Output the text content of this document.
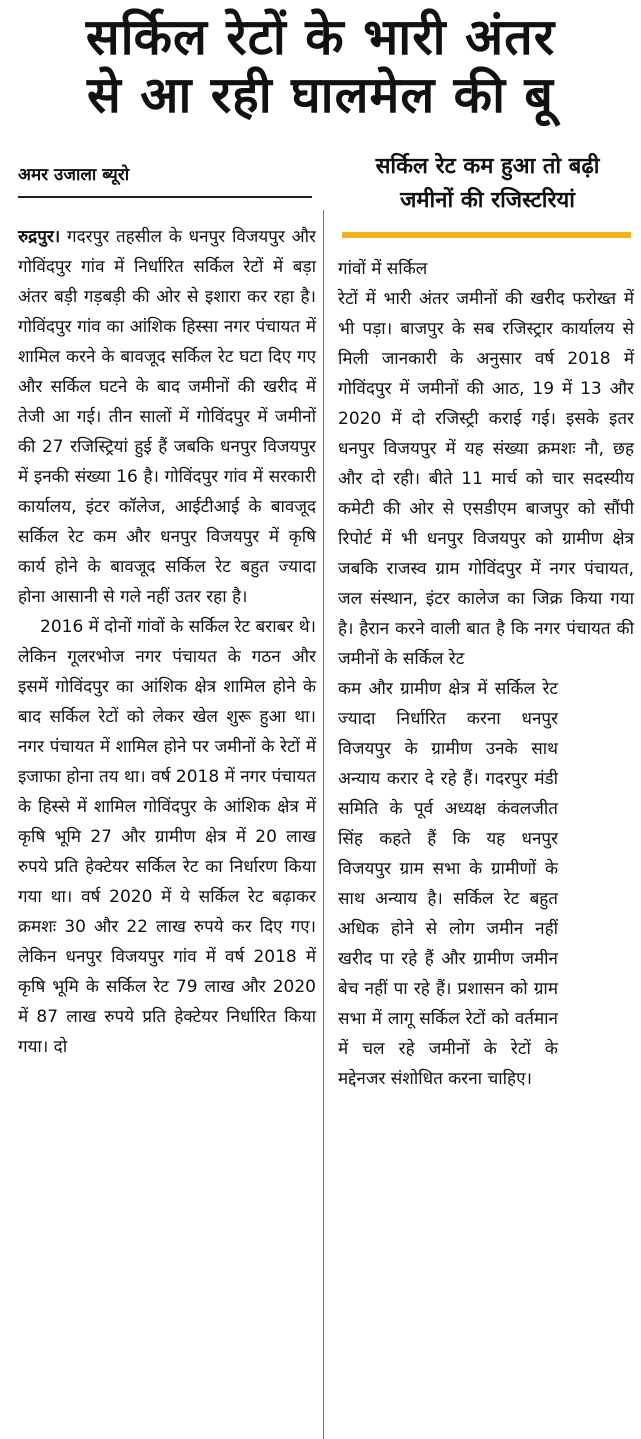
सर्किल रेटों के भारी अंतर
से आ रही घालमेल की बू
अमर उजाला ब्यूरो	सर्किल रेट कम हुआ तो बढ़ी
जमीनों की रजिस्टरियां

रुद्रपुर। गदरपुर तहसील के धनपुर विजयपुर और गोविंदपुर गांव में निर्धारित सर्किल रेटों में बड़ा अंतर बड़ी गड़बड़ी की ओर से इशारा कर रहा है। गोविंदपुर गांव का आंशिक हिस्सा नगर पंचायत में शामिल करने के बावजूद सर्किल रेट घटा दिए गए और सर्किल घटने के बाद जमीनों की खरीद में तेजी आ गई। तीन सालों में गोविंदपुर में जमीनों की 27 रजिस्ट्रियां हुई हैं जबकि धनपुर विजयपुर में इनकी संख्या 16 है। गोविंदपुर गांव में सरकारी कार्यालय, इंटर कॉलेज, आईटीआई के बावजूद सर्किल रेट कम और धनपुर विजयपुर में कृषि कार्य होने के बावजूद सर्किल रेट बहुत ज्यादा होना आसानी से गले नहीं उतर रहा है।

2016 में दोनों गांवों के सर्किल रेट बराबर थे। लेकिन गूलरभोज नगर पंचायत के गठन और इसमें गोविंदपुर का आंशिक क्षेत्र शामिल होने के बाद सर्किल रेटों को लेकर खेल शुरू हुआ था। नगर पंचायत में शामिल होने पर जमीनों के रेटों में इजाफा होना तय था। वर्ष 2018 में नगर पंचायत के हिस्से में शामिल गोविंदपुर के आंशिक क्षेत्र में कृषि भूमि 27 और ग्रामीण क्षेत्र में 20 लाख रुपये प्रति हेक्टेयर सर्किल रेट का निर्धारण किया गया था। वर्ष 2020 में ये सर्किल रेट बढ़ाकर क्रमशः 30 और 22 लाख रुपये कर दिए गए। लेकिन धनपुर विजयपुर गांव में वर्ष 2018 में कृषि भूमि के सर्किल रेट 79 लाख और 2020 में 87 लाख रुपये प्रति हेक्टेयर निर्धारित किया गया। दो

गांवों में सर्किल

रेटों में भारी अंतर जमीनों की खरीद फरोख्त में भी पड़ा। बाजपुर के सब रजिस्ट्रार कार्यालय से मिली जानकारी के अनुसार वर्ष 2018 में गोविंदपुर में जमीनों की आठ, 19 में 13 और 2020 में दो रजिस्ट्री कराई गई। इसके इतर धनपुर विजयपुर में यह संख्या क्रमशः नौ, छह और दो रही। बीते 11 मार्च को चार सदस्यीय कमेटी की ओर से एसडीएम बाजपुर को सौंपी रिपोर्ट में भी धनपुर विजयपुर को ग्रामीण क्षेत्र जबकि राजस्व ग्राम गोविंदपुर में नगर पंचायत, जल संस्थान, इंटर कालेज का जिक्र किया गया है। हैरान करने वाली बात है कि नगर पंचायत की जमीनों के सर्किल रेट

कम और ग्रामीण क्षेत्र में सर्किल रेट ज्यादा निर्धारित करना धनपुर विजयपुर के ग्रामीण उनके साथ अन्याय करार दे रहे हैं। गदरपुर मंडी समिति के पूर्व अध्यक्ष कंवलजीत सिंह कहते हैं कि यह धनपुर विजयपुर ग्राम सभा के ग्रामीणों के साथ अन्याय है। सर्किल रेट बहुत अधिक होने से लोग जमीन नहीं खरीद पा रहे हैं और ग्रामीण जमीन बेच नहीं पा रहे हैं। प्रशासन को ग्राम सभा में लागू सर्किल रेटों को वर्तमान में चल रहे जमीनों के रेटों के मद्देनजर संशोधित करना चाहिए।
